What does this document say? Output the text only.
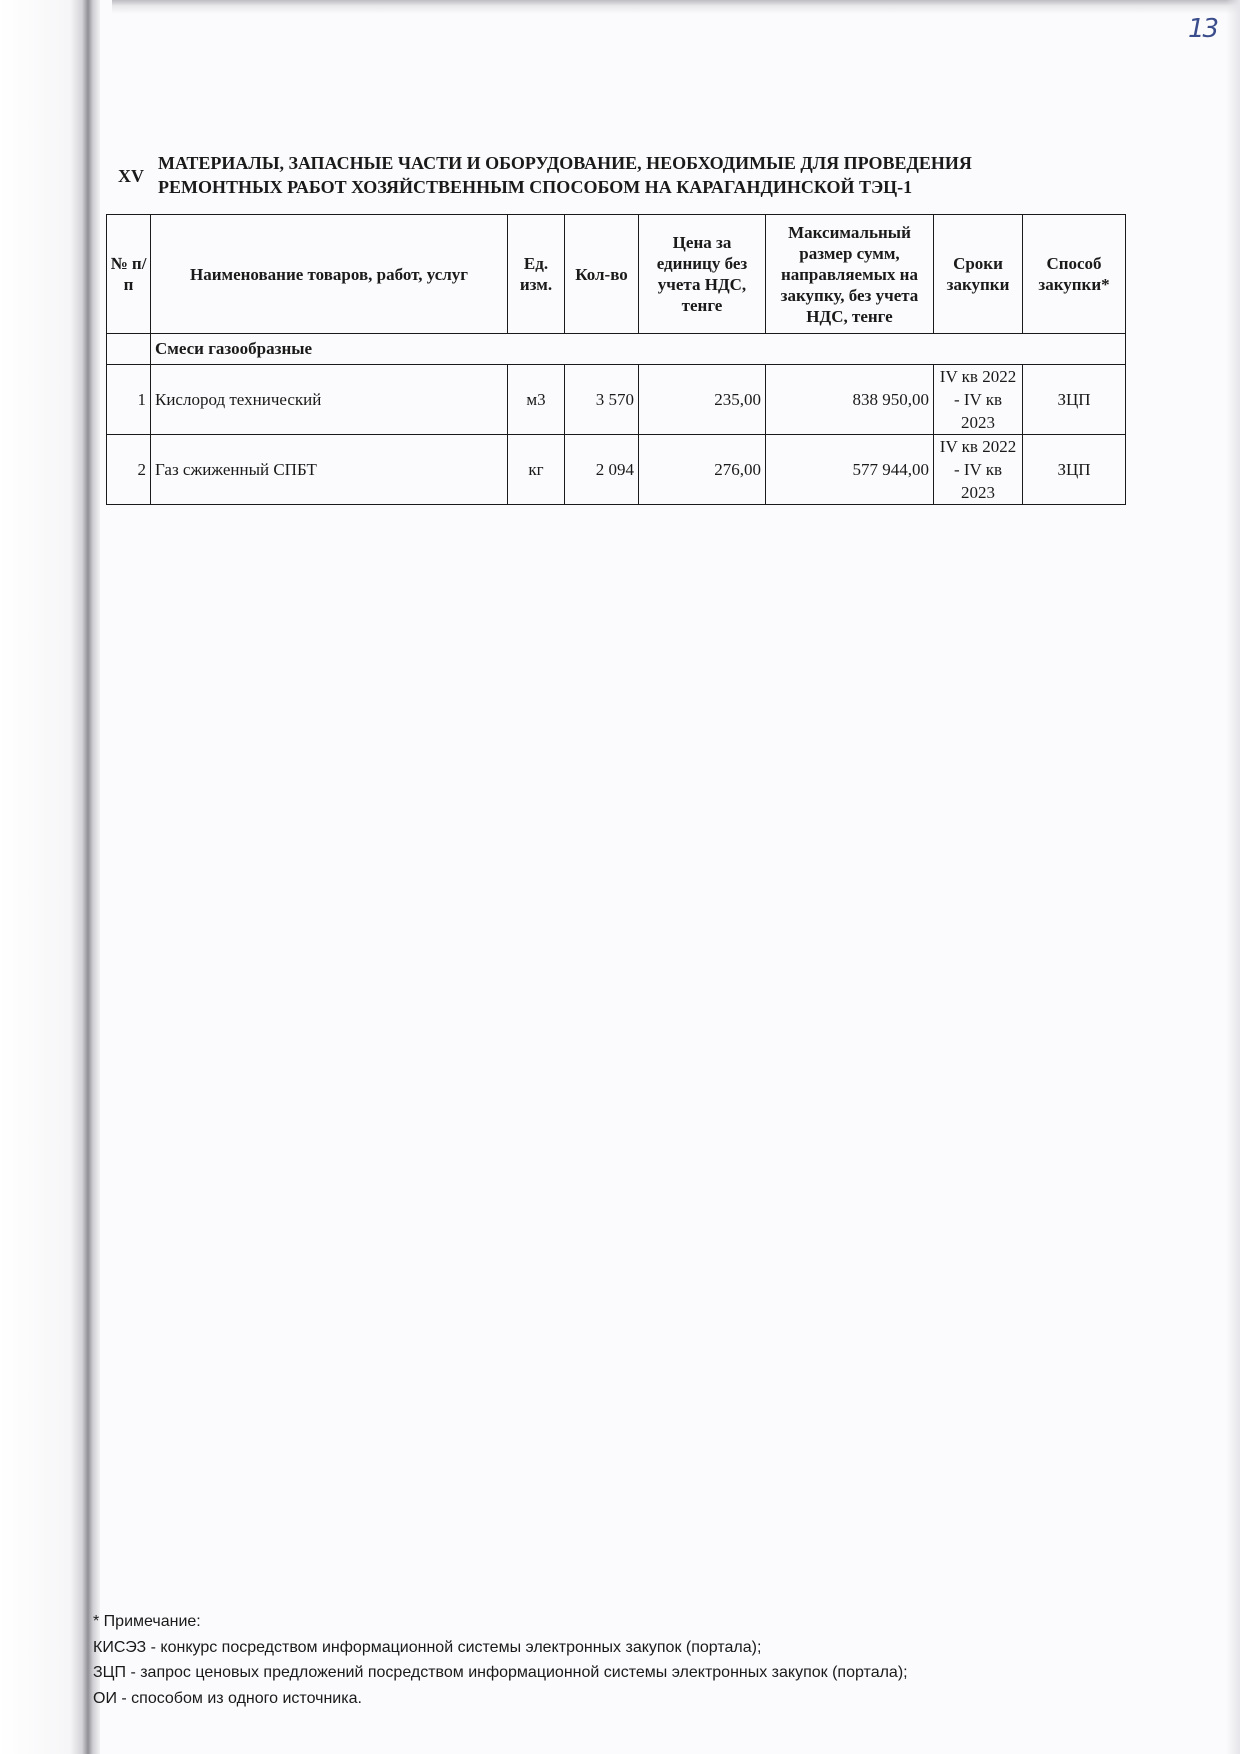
13
XV
МАТЕРИАЛЫ, ЗАПАСНЫЕ ЧАСТИ И ОБОРУДОВАНИЕ, НЕОБХОДИМЫЕ ДЛЯ ПРОВЕДЕНИЯ РЕМОНТНЫХ РАБОТ ХОЗЯЙСТВЕННЫМ СПОСОБОМ НА КАРАГАНДИНСКОЙ ТЭЦ-1
№ п/п	Наименование товаров, работ, услуг	Ед. изм.	Кол-во	Цена за единицу без учета НДС, тенге	Максимальный размер сумм, направляемых на закупку, без учета НДС, тенге	Сроки закупки	Способ закупки*
	Смеси газообразные						
1	Кислород технический	м3	3 570	235,00	838 950,00	IV кв 2022 - IV кв 2023	ЗЦП
2	Газ сжиженный СПБТ	кг	2 094	276,00	577 944,00	IV кв 2022 - IV кв 2023	ЗЦП
* Примечание:
КИСЭЗ - конкурс посредством информационной системы электронных закупок (портала);
ЗЦП - запрос ценовых предложений посредством информационной системы электронных закупок (портала);
ОИ - способом из одного источника.
